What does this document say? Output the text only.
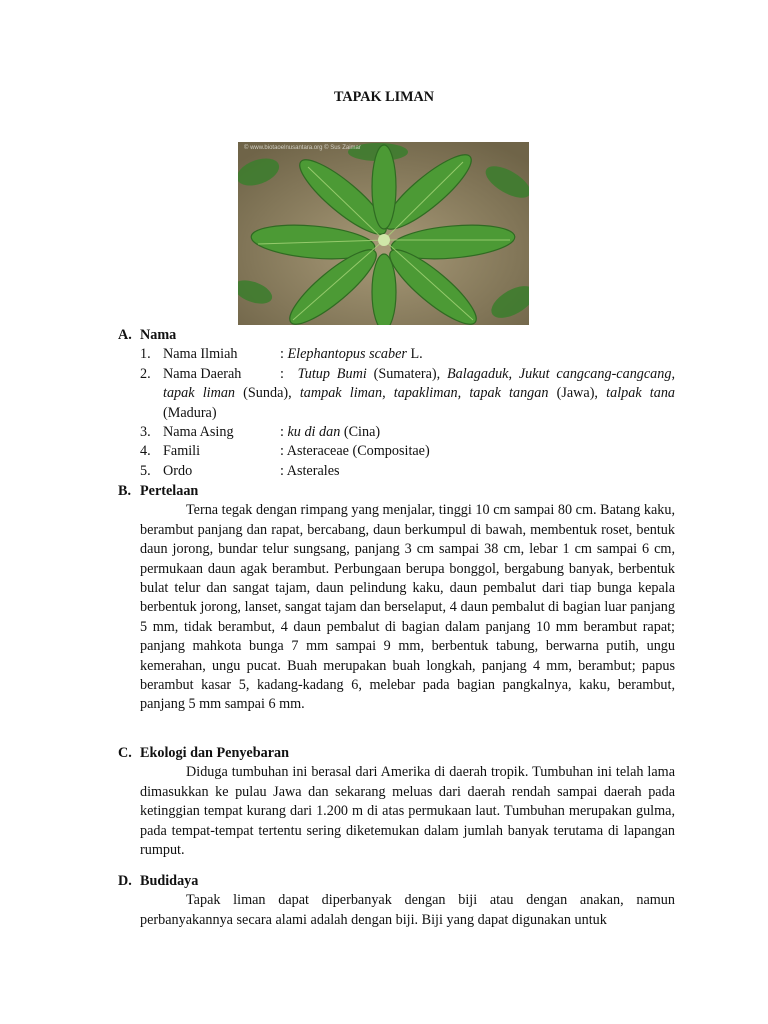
TAPAK LIMAN
© www.biotaoelnusantara.org © Sus Zaimar
A. Nama
1. Nama Ilmiah	: Elephantopus scaber L.
2. Nama Daerah	: Tutup Bumi (Sumatera), Balagaduk, Jukut cangcang-cangcang, tapak liman (Sunda), tampak liman, tapakliman, tapak tangan (Jawa), talpak tana (Madura)
3. Nama Asing	: ku di dan (Cina)
4. Famili	: Asteraceae (Compositae)
5. Ordo	: Asterales
B. Pertelaan
Terna tegak dengan rimpang yang menjalar, tinggi 10 cm sampai 80 cm. Batang kaku, berambut panjang dan rapat, bercabang, daun berkumpul di bawah, membentuk roset, bentuk daun jorong, bundar telur sungsang, panjang 3 cm sampai 38 cm, lebar 1 cm sampai 6 cm, permukaan daun agak berambut. Perbungaan berupa bonggol, bergabung banyak, berbentuk bulat telur dan sangat tajam, daun pelindung kaku, daun pembalut dari tiap bunga kepala berbentuk jorong, lanset, sangat tajam dan berselaput, 4 daun pembalut di bagian luar panjang 5 mm, tidak berambut, 4 daun pembalut di bagian dalam panjang 10 mm berambut rapat; panjang mahkota bunga 7 mm sampai 9 mm, berbentuk tabung, berwarna putih, ungu kemerahan, ungu pucat. Buah merupakan buah longkah, panjang 4 mm, berambut; papus berambut kasar 5, kadang-kadang 6, melebar pada bagian pangkalnya, kaku, berambut, panjang 5 mm sampai 6 mm.
C. Ekologi dan Penyebaran
Diduga tumbuhan ini berasal dari Amerika di daerah tropik. Tumbuhan ini telah lama dimasukkan ke pulau Jawa dan sekarang meluas dari daerah rendah sampai daerah pada ketinggian tempat kurang dari 1.200 m di atas permukaan laut. Tumbuhan merupakan gulma, pada tempat-tempat tertentu sering diketemukan dalam jumlah banyak terutama di lapangan rumput.
D. Budidaya
Tapak liman dapat diperbanyak dengan biji atau dengan anakan, namun perbanyakannya secara alami adalah dengan biji. Biji yang dapat digunakan untuk
